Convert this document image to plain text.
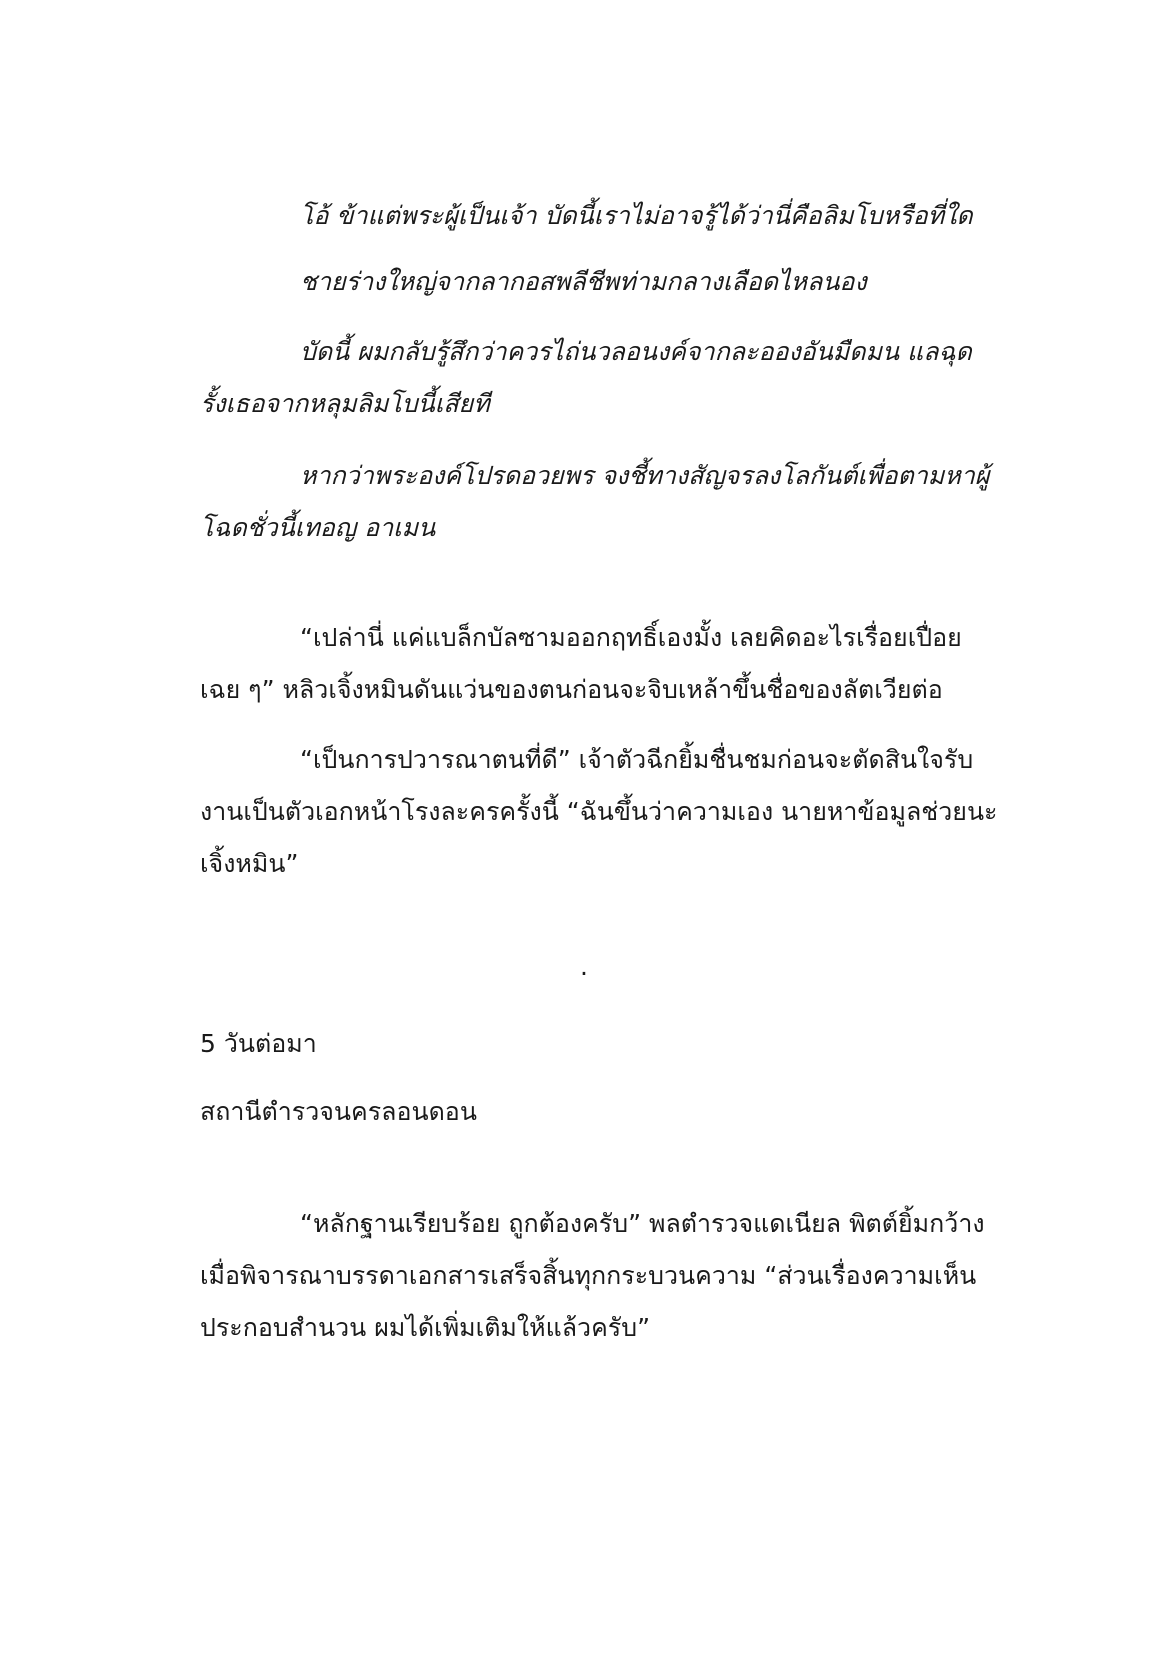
โอ้ ข้าแต่พระผู้เป็นเจ้า บัดนี้เราไม่อาจรู้ได้ว่านี่คือลิมโบหรือที่ใด

ชายร่างใหญ่จากลากอสพลีชีพท่ามกลางเลือดไหลนอง

บัดนี้ ผมกลับรู้สึกว่าควรไถ่นวลอนงค์จากละอองอันมืดมน แลฉุด
รั้งเธอจากหลุมลิมโบนี้เสียที

หากว่าพระองค์โปรดอวยพร จงชี้ทางสัญจรลงโลกันต์เพื่อตามหาผู้
โฉดชั่วนี้เทอญ อาเมน

“เปล่านี่ แค่แบล็กบัลซามออกฤทธิ์เองมั้ง เลยคิดอะไรเรื่อยเปื่อย
เฉย ๆ” หลิวเจิ้งหมินดันแว่นของตนก่อนจะจิบเหล้าขึ้นชื่อของลัตเวียต่อ

“เป็นการปวารณาตนที่ดี” เจ้าตัวฉีกยิ้มชื่นชมก่อนจะตัดสินใจรับ
งานเป็นตัวเอกหน้าโรงละครครั้งนี้ “ฉันขึ้นว่าความเอง นายหาข้อมูลช่วยนะ
เจิ้งหมิน”

.

5 วันต่อมา

สถานีตำรวจนครลอนดอน

“หลักฐานเรียบร้อย ถูกต้องครับ” พลตำรวจแดเนียล พิตต์ยิ้มกว้าง
เมื่อพิจารณาบรรดาเอกสารเสร็จสิ้นทุกกระบวนความ “ส่วนเรื่องความเห็น
ประกอบสำนวน ผมได้เพิ่มเติมให้แล้วครับ”
